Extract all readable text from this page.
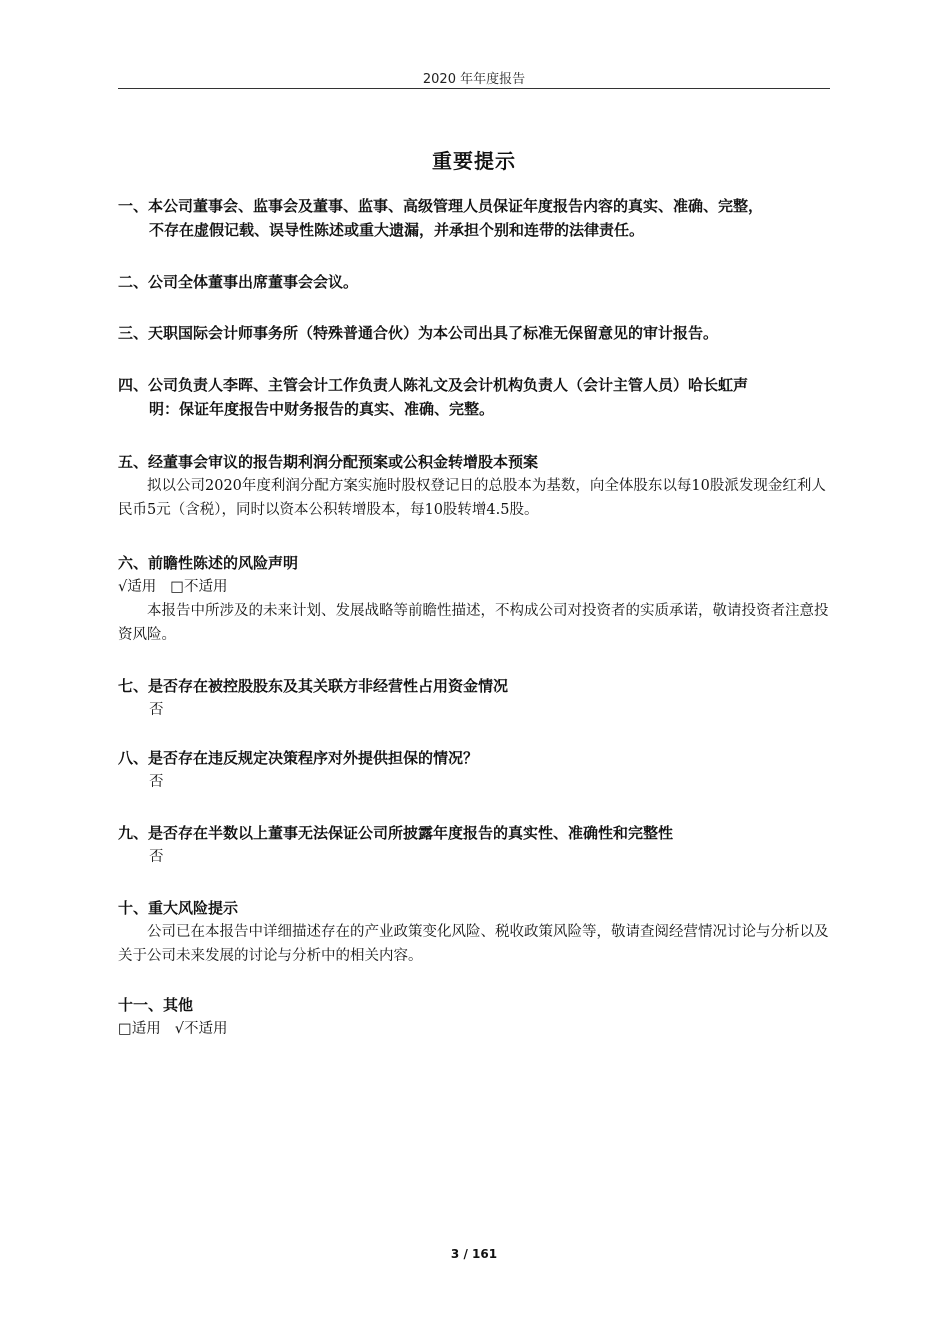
2020 年年度报告
重要提示

一、本公司董事会、监事会及董事、监事、高级管理人员保证年度报告内容的真实、准确、完整，
不存在虚假记载、误导性陈述或重大遗漏，并承担个别和连带的法律责任。

二、公司全体董事出席董事会会议。

三、天职国际会计师事务所（特殊普通合伙）为本公司出具了标准无保留意见的审计报告。

四、公司负责人李晖、主管会计工作负责人陈礼文及会计机构负责人（会计主管人员）哈长虹声
明：保证年度报告中财务报告的真实、准确、完整。

五、经董事会审议的报告期利润分配预案或公积金转增股本预案

拟以公司2020年度利润分配方案实施时股权登记日的总股本为基数，向全体股东以每10股派发现金红利人民币5元（含税），同时以资本公积转增股本，每10股转增4.5股。

六、前瞻性陈述的风险声明

√适用 □不适用

本报告中所涉及的未来计划、发展战略等前瞻性描述，不构成公司对投资者的实质承诺，敬请投资者注意投资风险。

七、是否存在被控股股东及其关联方非经营性占用资金情况

否

八、是否存在违反规定决策程序对外提供担保的情况？

否

九、是否存在半数以上董事无法保证公司所披露年度报告的真实性、准确性和完整性

否

十、重大风险提示

公司已在本报告中详细描述存在的产业政策变化风险、税收政策风险等，敬请查阅经营情况讨论与分析以及关于公司未来发展的讨论与分析中的相关内容。

十一、其他

□适用 √不适用

3 / 161
